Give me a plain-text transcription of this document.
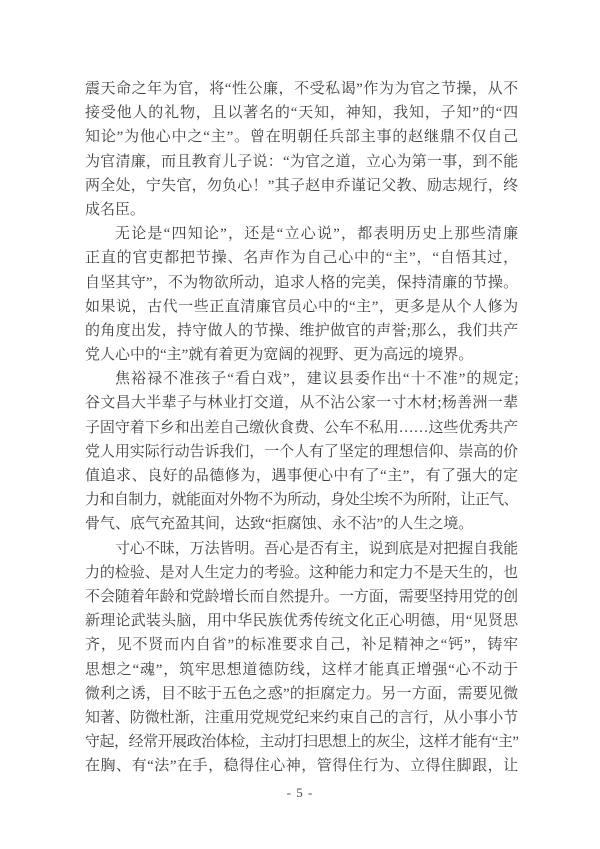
震天命之年为官，将“性公廉，不受私谒”作为为官之节操，从不
接受他人的礼物，且以著名的“天知，神知，我知，子知”的“四
知论”为他心中之“主”。曾在明朝任兵部主事的赵继鼎不仅自己
为官清廉，而且教育儿子说：“为官之道，立心为第一事，到不能
两全处，宁失官，勿负心！”其子赵申乔谨记父教、励志规行，终
成名臣。
无论是“四知论”，还是“立心说”，都表明历史上那些清廉
正直的官吏都把节操、名声作为自己心中的“主”，“自悟其过，
自坚其守”，不为物欲所动，追求人格的完美，保持清廉的节操。
如果说，古代一些正直清廉官员心中的“主”，更多是从个人修为
的角度出发，持守做人的节操、维护做官的声誉;那么，我们共产
党人心中的“主”就有着更为宽阔的视野、更为高远的境界。
焦裕禄不准孩子“看白戏”，建议县委作出“十不准”的规定;
谷文昌大半辈子与林业打交道，从不沾公家一寸木材;杨善洲一辈
子固守着下乡和出差自己缴伙食费、公车不私用……这些优秀共产
党人用实际行动告诉我们，一个人有了坚定的理想信仰、崇高的价
值追求、良好的品德修为，遇事便心中有了“主”，有了强大的定
力和自制力，就能面对外物不为所动，身处尘埃不为所附，让正气、
骨气、底气充盈其间，达致“拒腐蚀、永不沾”的人生之境。
寸心不昧，万法皆明。吾心是否有主，说到底是对把握自我能
力的检验、是对人生定力的考验。这种能力和定力不是天生的，也
不会随着年龄和党龄增长而自然提升。一方面，需要坚持用党的创
新理论武装头脑，用中华民族优秀传统文化正心明德，用“见贤思
齐，见不贤而内自省”的标准要求自己，补足精神之“钙”，铸牢
思想之“魂”，筑牢思想道德防线，这样才能真正增强“心不动于
微利之诱，目不眩于五色之惑”的拒腐定力。另一方面，需要见微
知著、防微杜渐，注重用党规党纪来约束自己的言行，从小事小节
守起，经常开展政治体检，主动打扫思想上的灰尘，这样才能有“主”
在胸、有“法”在手，稳得住心神，管得住行为、立得住脚跟，让
- 5 -
